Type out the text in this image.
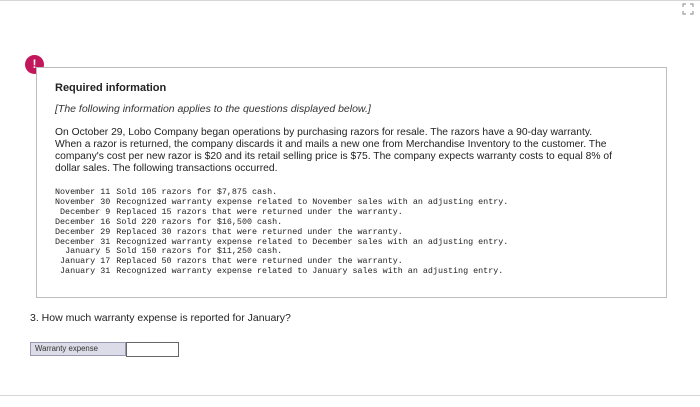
!
Required information
[The following information applies to the questions displayed below.]
On October 29, Lobo Company began operations by purchasing razors for resale. The razors have a 90-day warranty.
When a razor is returned, the company discards it and mails a new one from Merchandise Inventory to the customer. The
company's cost per new razor is $20 and its retail selling price is $75. The company expects warranty costs to equal 8% of
dollar sales. The following transactions occurred.
November 11	Sold 105 razors for $7,875 cash.
November 30	Recognized warranty expense related to November sales with an adjusting entry.
December 9	Replaced 15 razors that were returned under the warranty.
December 16	Sold 220 razors for $16,500 cash.
December 29	Replaced 30 razors that were returned under the warranty.
December 31	Recognized warranty expense related to December sales with an adjusting entry.
January 5	Sold 150 razors for $11,250 cash.
January 17	Replaced 50 razors that were returned under the warranty.
January 31	Recognized warranty expense related to January sales with an adjusting entry.
3. How much warranty expense is reported for January?
Warranty expense
